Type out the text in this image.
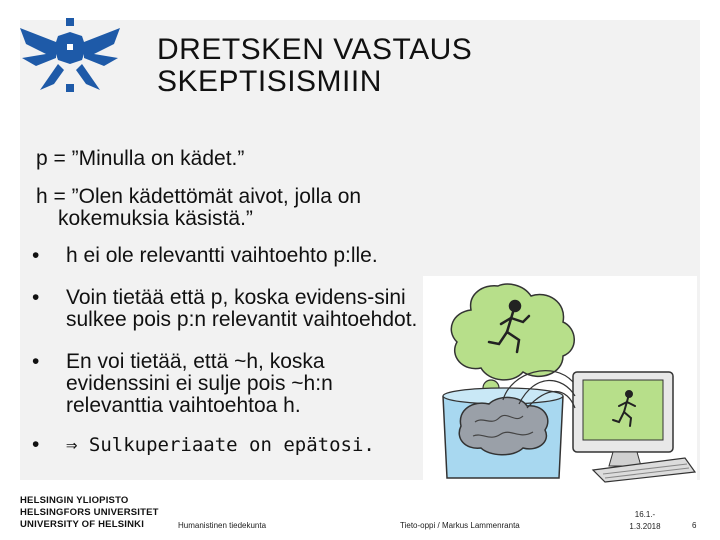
DRETSKEN VASTAUS
SKEPTISISMIIN
p = ”Minulla on kädet.”
h = ”Olen kädettömät aivot, jolla on
kokemuksia käsistä.”
• h ei ole relevantti vaihtoehto p:lle.
• Voin tietää että p, koska evidens-sini sulkee pois p:n relevantit vaihtoehdot.
• En voi tietää, että ~h, koska evidenssini ei sulje pois ~h:n relevanttia vaihtoehtoa h.
• ⇒ Sulkuperiaate on epätosi.
HELSINGIN YLIOPISTO
HELSINGFORS UNIVERSITET
UNIVERSITY OF HELSINKI	Humanistinen tiedekunta	Tieto-oppi / Markus Lammenranta
16.1.-
1.3.2018	6
